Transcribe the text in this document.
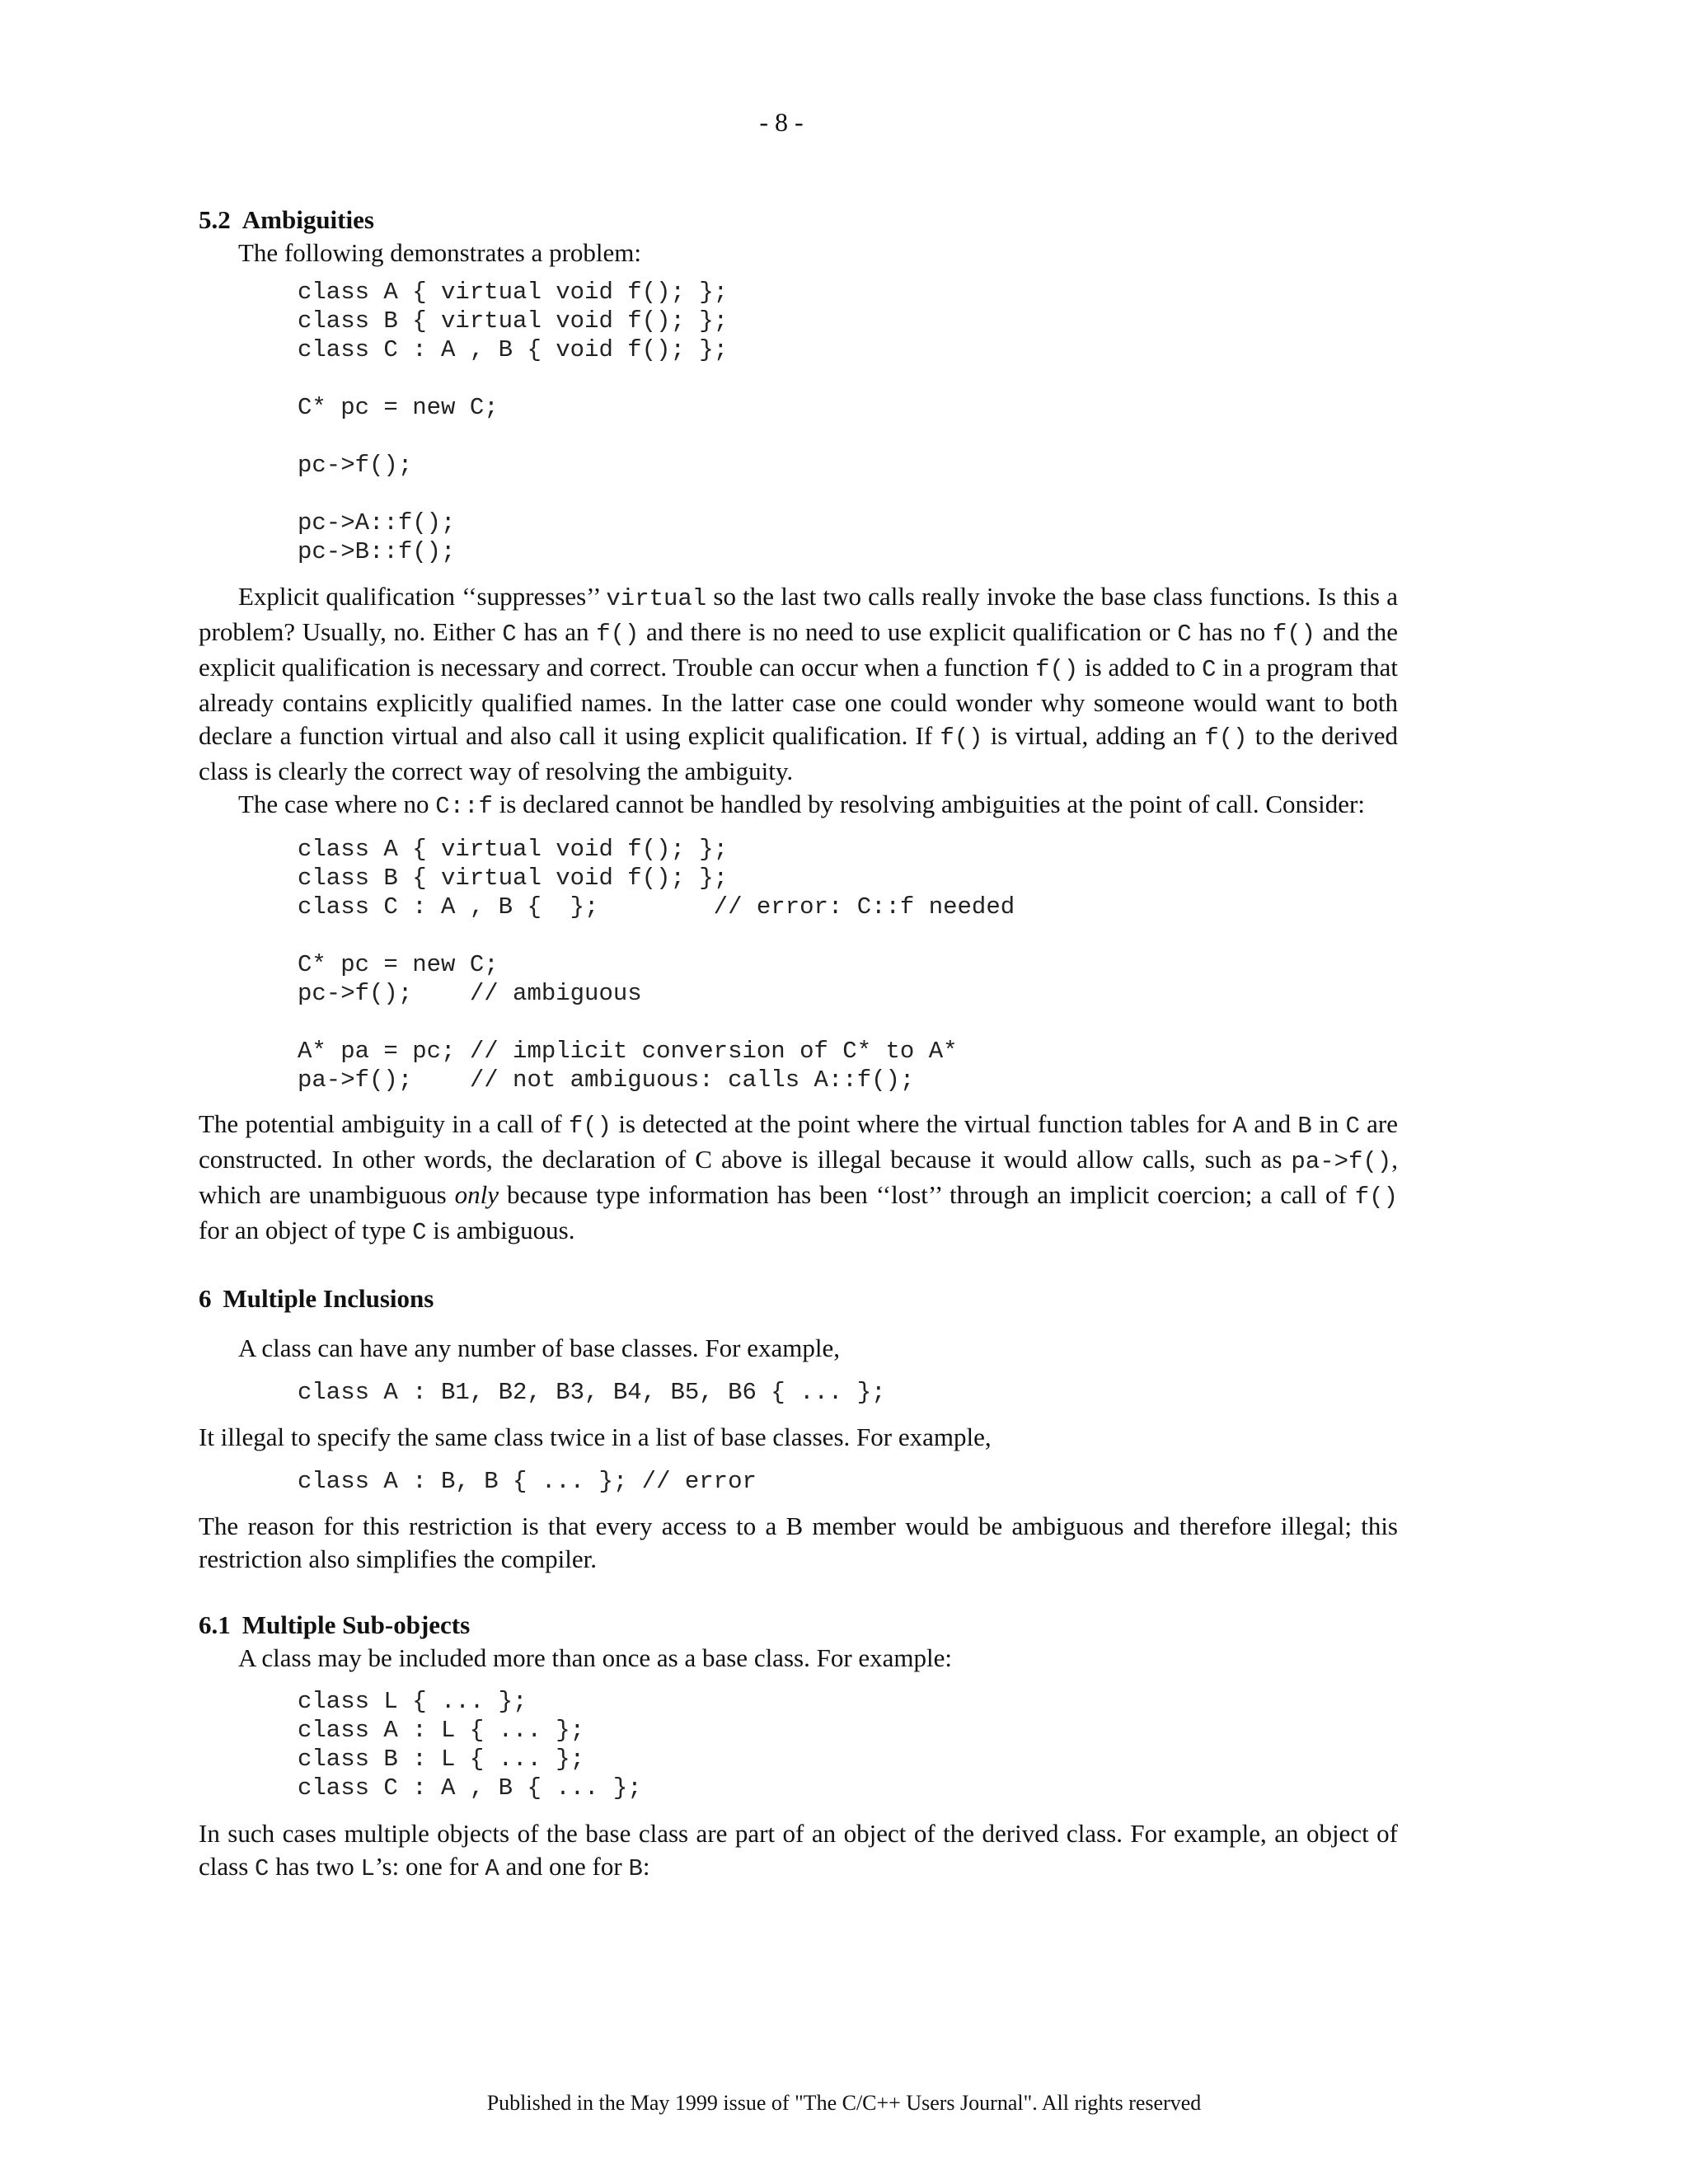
- 8 -
5.2 Ambiguities

The following demonstrates a problem:

class A { virtual void f(); };
class B { virtual void f(); };
class C : A , B { void f(); };

C* pc = new C;

pc->f();

pc->A::f();
pc->B::f();

Explicit qualification ‘‘suppresses’’ virtual so the last two calls really invoke the base class functions. Is this a problem? Usually, no. Either C has an f() and there is no need to use explicit qualification or C has no f() and the explicit qualification is necessary and correct. Trouble can occur when a function f() is added to C in a program that already contains explicitly qualified names. In the latter case one could wonder why someone would want to both declare a function virtual and also call it using explicit qualification. If f() is virtual, adding an f() to the derived class is clearly the correct way of resolving the ambiguity.

The case where no C::f is declared cannot be handled by resolving ambiguities at the point of call. Consider:

class A { virtual void f(); };
class B { virtual void f(); };
class C : A , B {  };        // error: C::f needed

C* pc = new C;
pc->f();    // ambiguous

A* pa = pc; // implicit conversion of C* to A*
pa->f();    // not ambiguous: calls A::f();

The potential ambiguity in a call of f() is detected at the point where the virtual function tables for A and B in C are constructed. In other words, the declaration of C above is illegal because it would allow calls, such as pa->f(), which are unambiguous only because type information has been ‘‘lost’’ through an implicit coercion; a call of f() for an object of type C is ambiguous.

6 Multiple Inclusions

A class can have any number of base classes. For example,

class A : B1, B2, B3, B4, B5, B6 { ... };

It illegal to specify the same class twice in a list of base classes. For example,

class A : B, B { ... }; // error

The reason for this restriction is that every access to a B member would be ambiguous and therefore illegal; this restriction also simplifies the compiler.

6.1 Multiple Sub-objects

A class may be included more than once as a base class. For example:

class L { ... };
class A : L { ... };
class B : L { ... };
class C : A , B { ... };

In such cases multiple objects of the base class are part of an object of the derived class. For example, an object of class C has two L’s: one for A and one for B:

Published in the May 1999 issue of "The C/C++ Users Journal". All rights reserved
